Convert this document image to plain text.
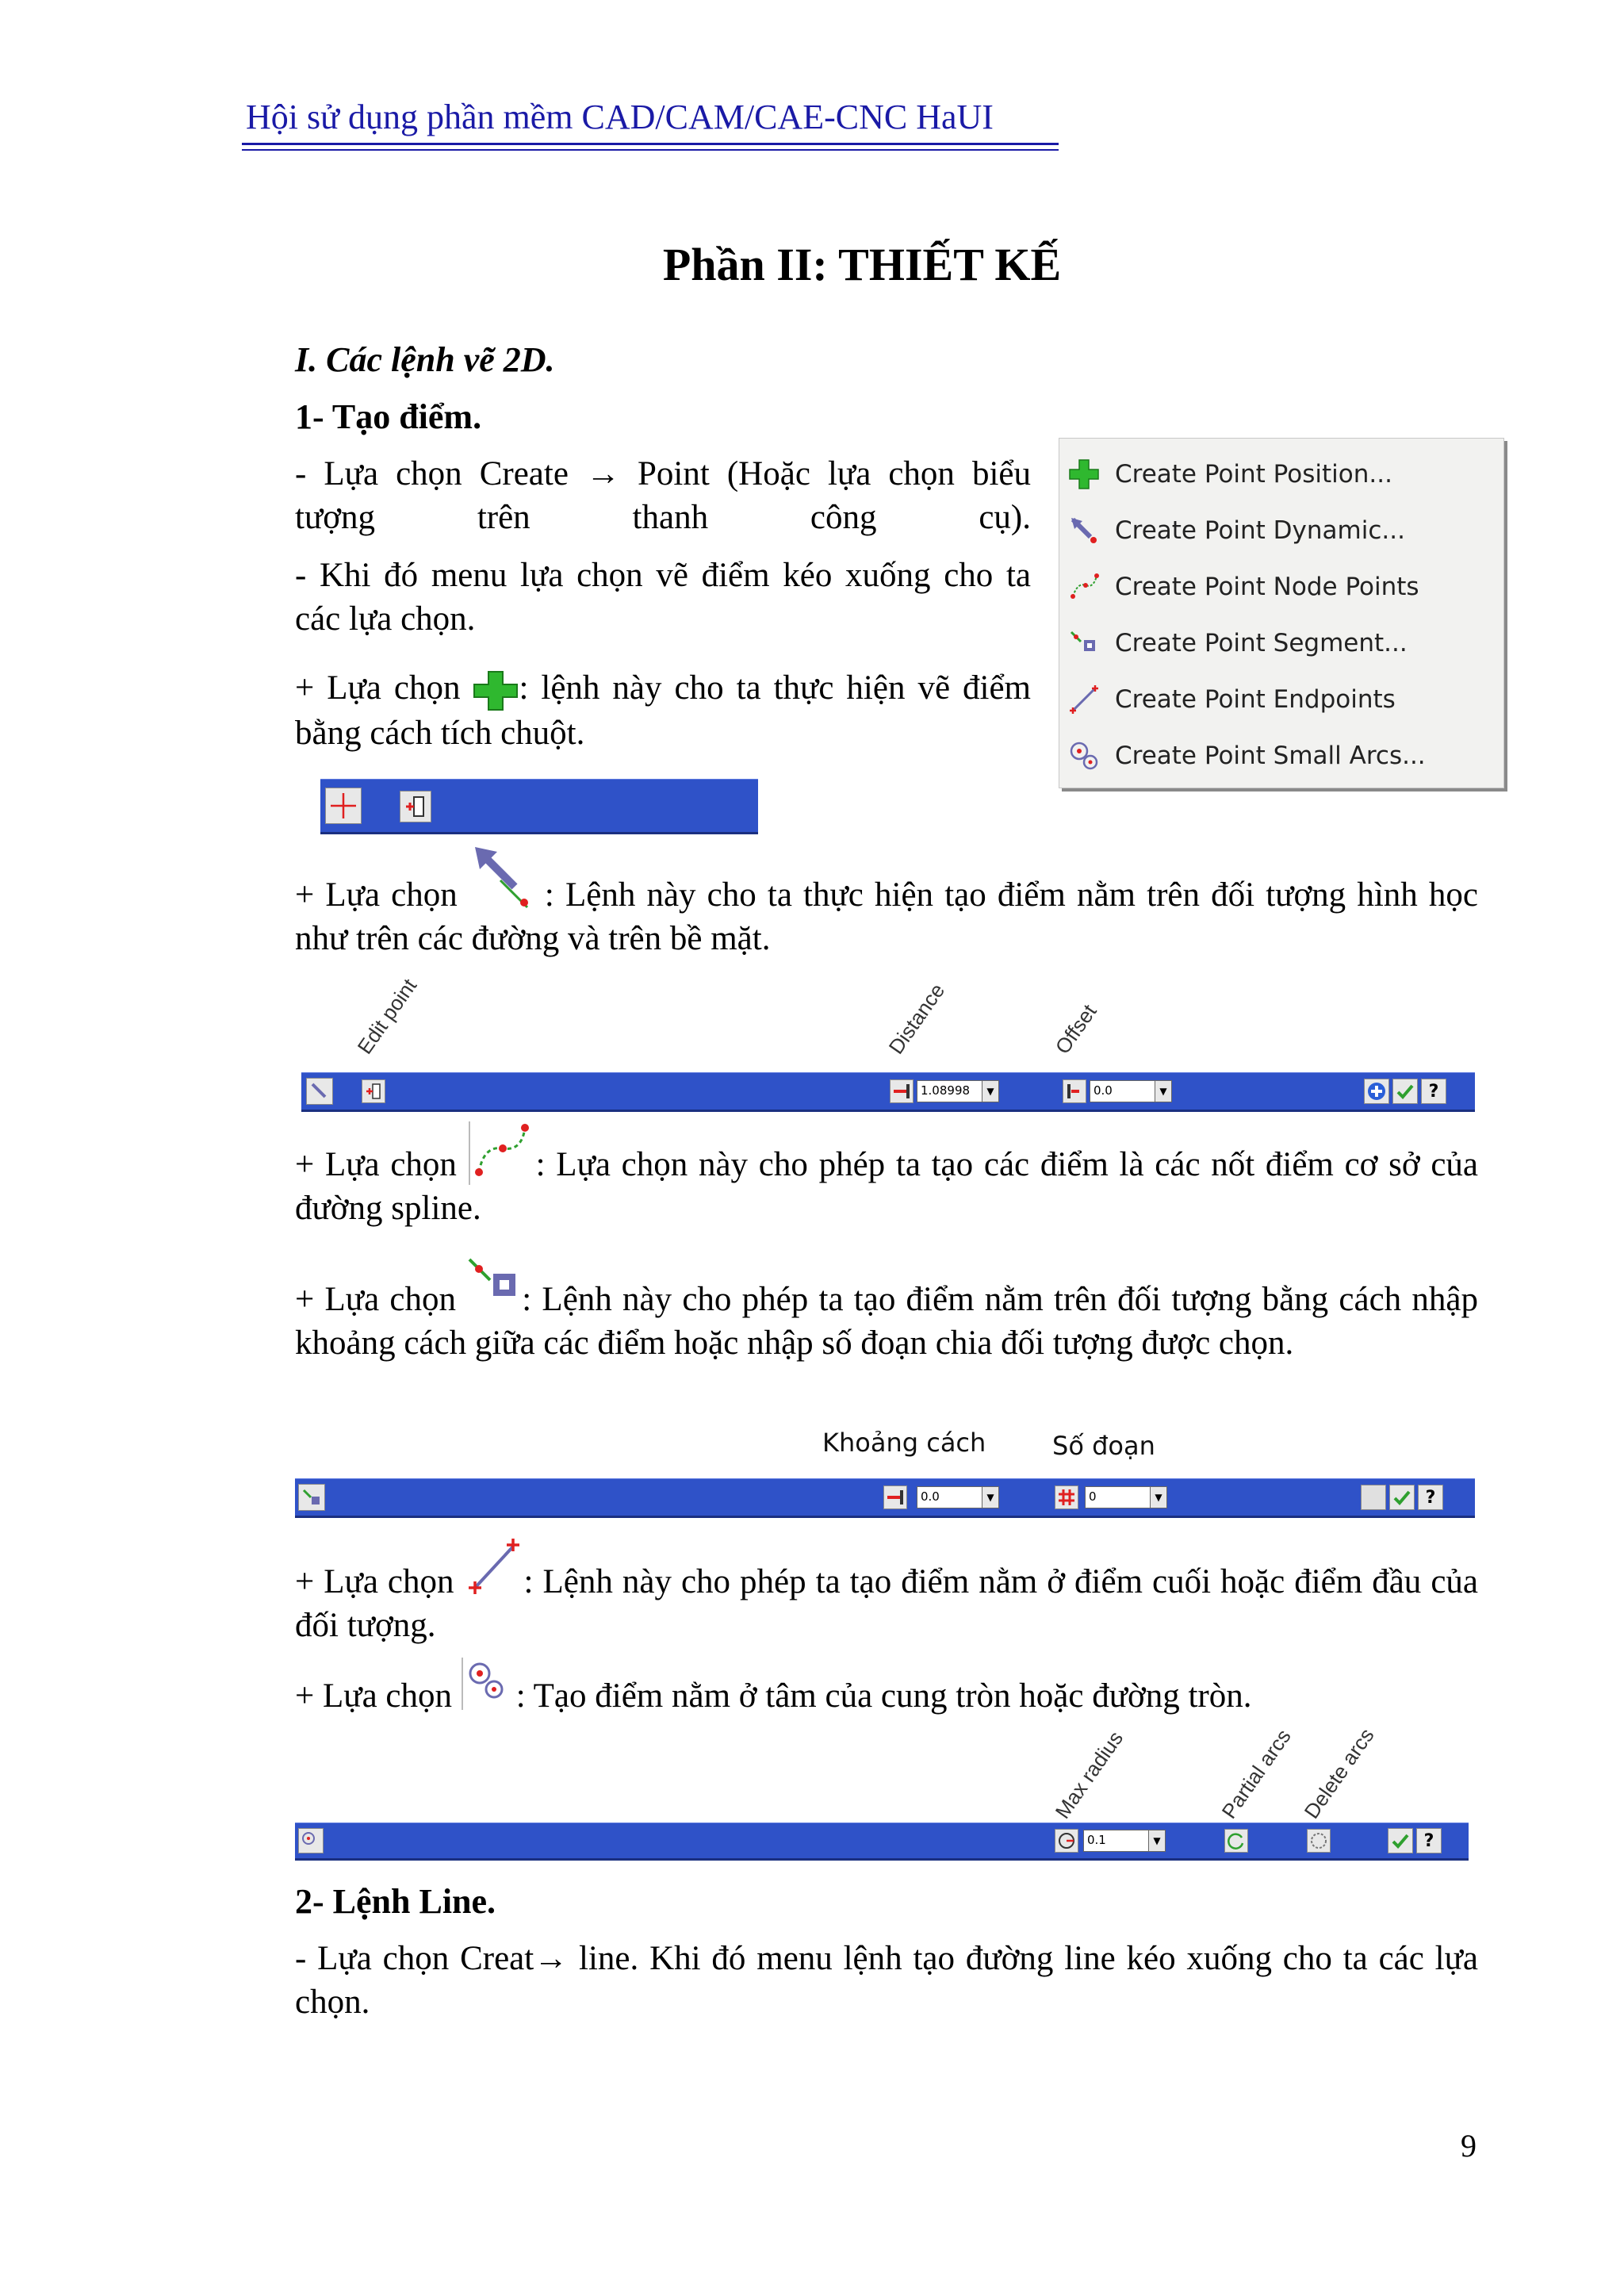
Hội sử dụng phần mềm CAD/CAM/CAE-CNC HaUI
Phần II: THIẾT KẾ
I. Các lệnh vẽ 2D.
1- Tạo điểm.
- Lựa chọn Create → Point (Hoặc lựa chọn biểu tượng trên thanh công cụ).
- Khi đó menu lựa chọn vẽ điểm kéo xuống cho ta các lựa chọn.
+ Lựa chọn : lệnh này cho ta thực hiện vẽ điểm bằng cách tích chuột.
Create Point Position...
Create Point Dynamic...
Create Point Node Points
Create Point Segment...
Create Point Endpoints
Create Point Small Arcs...
+ Lựa chọn
: Lệnh này cho ta thực hiện tạo điểm nằm trên đối tượng hình học như trên các đường và trên bề mặt.
Edit point	Distance	Offset
1.08998	▼	0.0	▼	?
+ Lựa chọn
: Lựa chọn này cho phép ta tạo các điểm là các nốt điểm cơ sở của đường spline.
+ Lựa chọn
: Lệnh này cho phép ta tạo điểm nằm trên đối tượng bằng cách nhập khoảng cách giữa các điểm hoặc nhập số đoạn chia đối tượng được chọn.
Khoảng cách	Số đoạn
0.0	▼	0	▼	?
+ Lựa chọn
: Lệnh này cho phép ta tạo điểm nằm ở điểm cuối hoặc điểm đầu của đối tượng.
+ Lựa chọn
: Tạo điểm nằm ở tâm của cung tròn hoặc đường tròn.
Max radius	Partial arcs Delete arcs
0.1	▼	?
2- Lệnh Line.
- Lựa chọn Creat→ line. Khi đó menu lệnh tạo đường line kéo xuống cho ta các lựa chọn.
9
